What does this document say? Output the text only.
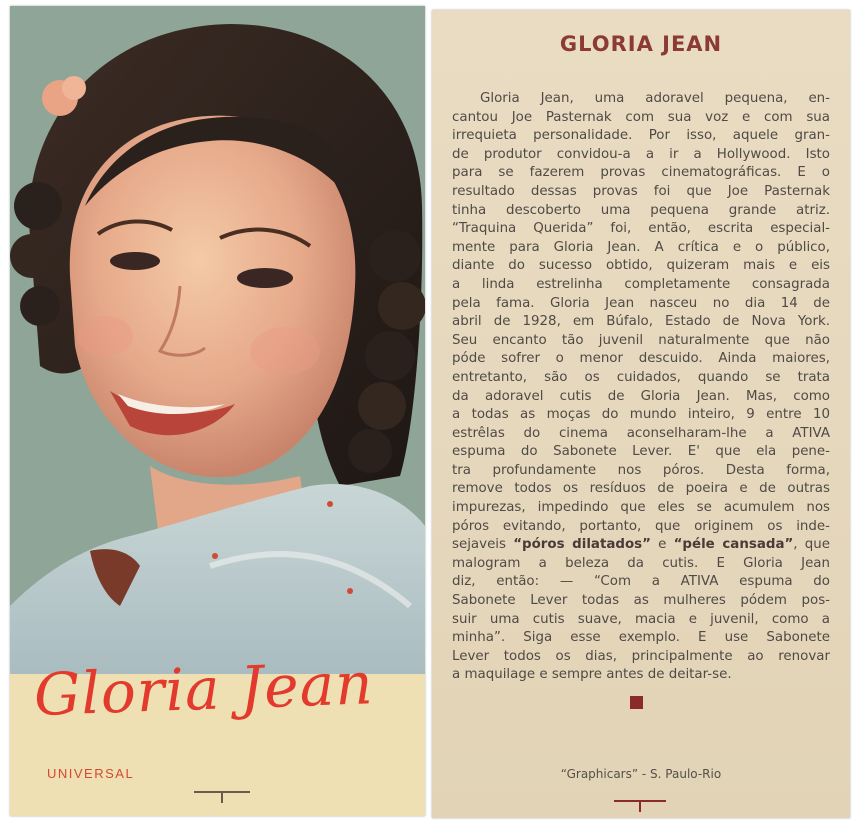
Gloria Jean
UNIVERSAL
GLORIA JEAN
Gloria Jean, uma adoravel pequena, en-
cantou Joe Pasternak com sua voz e com sua
irrequieta personalidade. Por isso, aquele gran-
de produtor convidou-a a ir a Hollywood. Isto
para se fazerem provas cinematográficas. E o
resultado dessas provas foi que Joe Pasternak
tinha descoberto uma pequena grande atriz.
“Traquina Querida” foi, então, escrita especial-
mente para Gloria Jean. A crítica e o público,
diante do sucesso obtido, quizeram mais e eis
a linda estrelinha completamente consagrada
pela fama. Gloria Jean nasceu no dia 14 de
abril de 1928, em Búfalo, Estado de Nova York.
Seu encanto tão juvenil naturalmente que não
póde sofrer o menor descuido. Ainda maiores,
entretanto, são os cuidados, quando se trata
da adoravel cutis de Gloria Jean. Mas, como
a todas as moças do mundo inteiro, 9 entre 10
estrêlas do cinema aconselharam-lhe a ATIVA
espuma do Sabonete Lever. E' que ela pene-
tra profundamente nos póros. Desta forma,
remove todos os resíduos de poeira e de outras
impurezas, impedindo que eles se acumulem nos
póros evitando, portanto, que originem os inde-
sejaveis “póros dilatados” e “péle cansada”, que
malogram a beleza da cutis. E Gloria Jean
diz, então: — “Com a ATIVA espuma do
Sabonete Lever todas as mulheres pódem pos-
suir uma cutis suave, macia e juvenil, como a
minha”. Siga esse exemplo. E use Sabonete
Lever todos os dias, principalmente ao renovar
a maquilage e sempre antes de deitar-se.
“Graphicars” - S. Paulo-Rio
